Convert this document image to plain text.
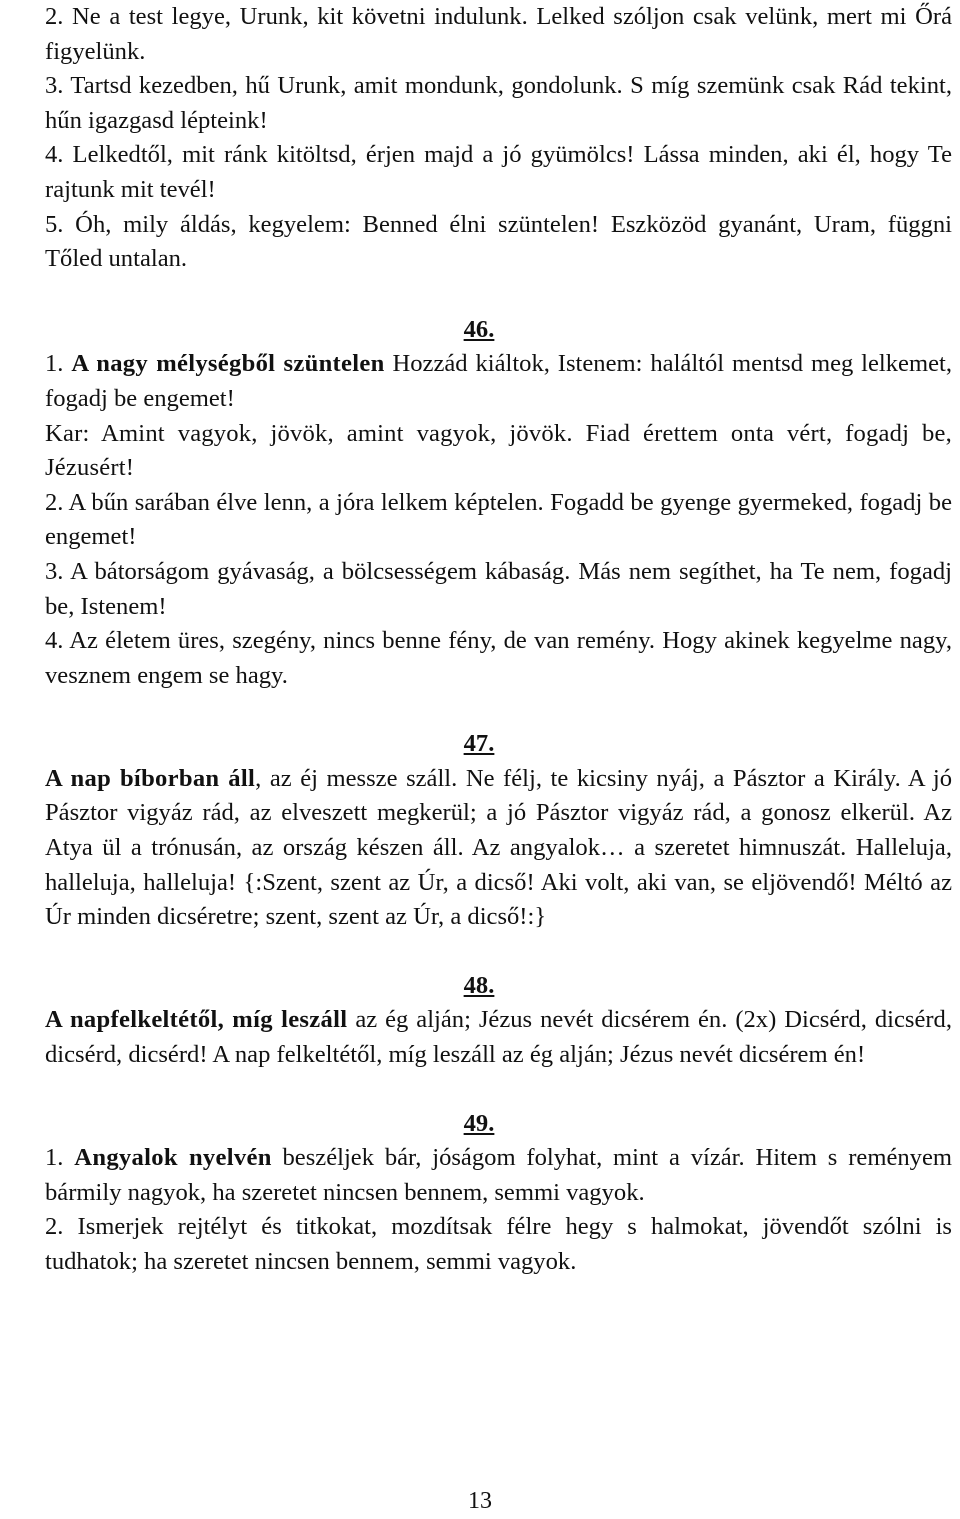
2. Ne a test legye, Urunk, kit követni indulunk. Lelked szóljon csak velünk, mert mi Őrá figyelünk.

3. Tartsd kezedben, hű Urunk, amit mondunk, gondolunk. S míg szemünk csak Rád tekint, hűn igazgasd lépteink!

4. Lelkedtől, mit ránk kitöltsd, érjen majd a jó gyümölcs! Lássa minden, aki él, hogy Te rajtunk mit tevél!

5. Óh, mily áldás, kegyelem: Benned élni szüntelen! Eszközöd gyanánt, Uram, függni Tőled untalan.

46.

1. A nagy mélységből szüntelen Hozzád kiáltok, Istenem: haláltól mentsd meg lelkemet, fogadj be engemet!

Kar: Amint vagyok, jövök, amint vagyok, jövök. Fiad érettem onta vért, fogadj be, Jézusért!

2. A bűn sarában élve lenn, a jóra lelkem képtelen. Fogadd be gyenge gyermeked, fogadj be engemet!

3. A bátorságom gyávaság, a bölcsességem kábaság. Más nem segíthet, ha Te nem, fogadj be, Istenem!

4. Az életem üres, szegény, nincs benne fény, de van remény. Hogy akinek kegyelme nagy, vesznem engem se hagy.

47.

A nap bíborban áll, az éj messze száll. Ne félj, te kicsiny nyáj, a Pásztor a Király. A jó Pásztor vigyáz rád, az elveszett megkerül; a jó Pásztor vigyáz rád, a gonosz elkerül. Az Atya ül a trónusán, az ország készen áll. Az angyalok… a szeretet himnuszát. Halleluja, halleluja, halleluja! {:Szent, szent az Úr, a dicső! Aki volt, aki van, se eljövendő! Méltó az Úr minden dicséretre; szent, szent az Úr, a dicső!:}

48.

A napfelkeltétől, míg leszáll az ég alján; Jézus nevét dicsérem én. (2x) Dicsérd, dicsérd, dicsérd, dicsérd! A nap felkeltétől, míg leszáll az ég alján; Jézus nevét dicsérem én!

49.

1. Angyalok nyelvén beszéljek bár, jóságom folyhat, mint a vízár. Hitem s reményem bármily nagyok, ha szeretet nincsen bennem, semmi vagyok.

2. Ismerjek rejtélyt és titkokat, mozdítsak félre hegy s halmokat, jövendőt szólni is tudhatok; ha szeretet nincsen bennem, semmi vagyok.

13
